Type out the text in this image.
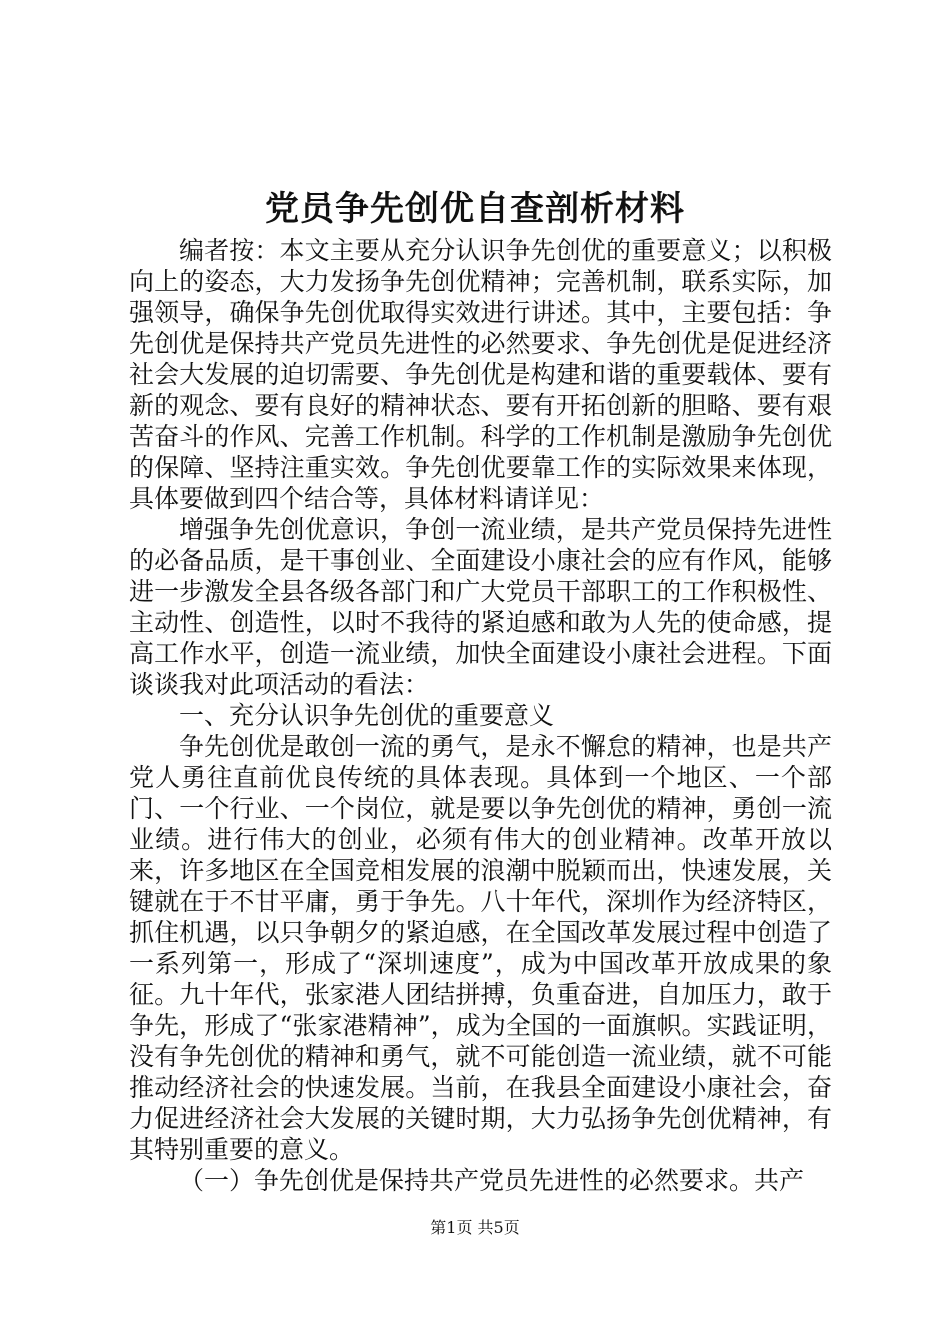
党员争先创优自查剖析材料

编者按：本文主要从充分认识争先创优的重要意义；以积极向上的姿态，大力发扬争先创优精神；完善机制，联系实际，加强领导，确保争先创优取得实效进行讲述。其中，主要包括：争先创优是保持共产党员先进性的必然要求、争先创优是促进经济社会大发展的迫切需要、争先创优是构建和谐的重要载体、要有新的观念、要有良好的精神状态、要有开拓创新的胆略、要有艰苦奋斗的作风、完善工作机制。科学的工作机制是激励争先创优的保障、坚持注重实效。争先创优要靠工作的实际效果来体现，具体要做到四个结合等，具体材料请详见：

增强争先创优意识，争创一流业绩，是共产党员保持先进性的必备品质，是干事创业、全面建设小康社会的应有作风，能够进一步激发全县各级各部门和广大党员干部职工的工作积极性、主动性、创造性，以时不我待的紧迫感和敢为人先的使命感，提高工作水平，创造一流业绩，加快全面建设小康社会进程。下面谈谈我对此项活动的看法：

一、充分认识争先创优的重要意义

争先创优是敢创一流的勇气，是永不懈怠的精神，也是共产党人勇往直前优良传统的具体表现。具体到一个地区、一个部门、一个行业、一个岗位，就是要以争先创优的精神，勇创一流业绩。进行伟大的创业，必须有伟大的创业精神。改革开放以来，许多地区在全国竞相发展的浪潮中脱颖而出，快速发展，关键就在于不甘平庸，勇于争先。八十年代，深圳作为经济特区，抓住机遇，以只争朝夕的紧迫感，在全国改革发展过程中创造了一系列第一，形成了“深圳速度”，成为中国改革开放成果的象征。九十年代，张家港人团结拼搏，负重奋进，自加压力，敢于争先，形成了“张家港精神”，成为全国的一面旗帜。实践证明，没有争先创优的精神和勇气，就不可能创造一流业绩，就不可能推动经济社会的快速发展。当前，在我县全面建设小康社会，奋力促进经济社会大发展的关键时期，大力弘扬争先创优精神，有其特别重要的意义。

（一）争先创优是保持共产党员先进性的必然要求。共产

第1页 共5页
